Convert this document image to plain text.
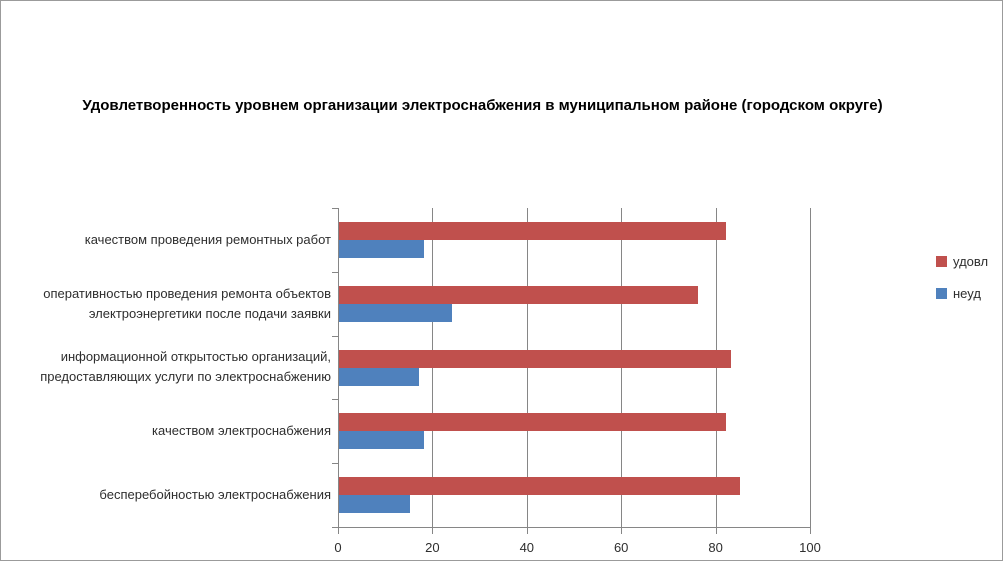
Удовлетворенность уровнем организации электроснабжения в муниципальном районе (городском округе)
качеством проведения ремонтных работ
оперативностью проведения ремонта объектов электроэнергетики после подачи заявки
информационной открытостью организаций, предоставляющих услуги по электроснабжению
качеством электроснабжения
бесперебойностью электроснабжения
0	20	40	60	80	100
удовл
неуд
